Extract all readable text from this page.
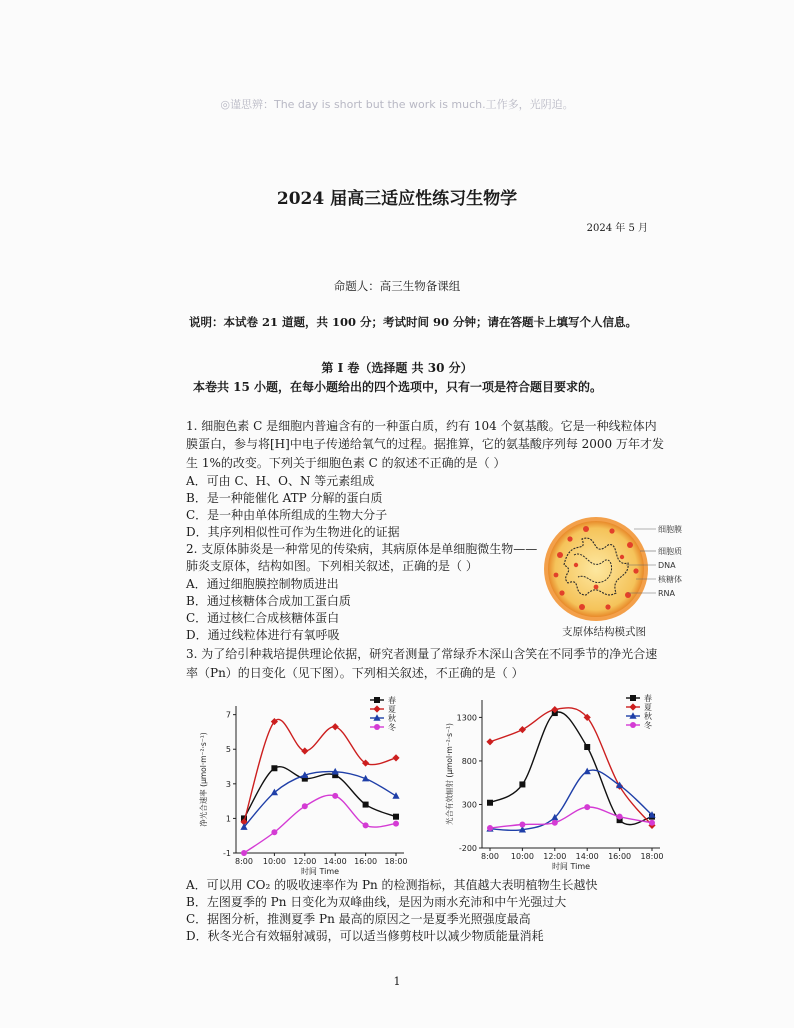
◎谨思辨：The day is short but the work is much.工作多，光阴迫。
2024 届高三适应性练习生物学
2024 年 5 月
命题人：高三生物备课组
说明：本试卷 21 道题，共 100 分；考试时间 90 分钟；请在答题卡上填写个人信息。
第 I 卷（选择题 共 30 分）
本卷共 15 小题，在每小题给出的四个选项中，只有一项是符合题目要求的。
1. 细胞色素 C 是细胞内普遍含有的一种蛋白质，约有 104 个氨基酸。它是一种线粒体内
膜蛋白，参与将[H]中电子传递给氧气的过程。据推算，它的氨基酸序列每 2000 万年才发
生 1%的改变。下列关于细胞色素 C 的叙述不正确的是（ ）
A．可由 C、H、O、N 等元素组成
B．是一种能催化 ATP 分解的蛋白质
C．是一种由单体所组成的生物大分子
D．其序列相似性可作为生物进化的证据
2. 支原体肺炎是一种常见的传染病，其病原体是单细胞微生物——
肺炎支原体，结构如图。下列相关叙述，正确的是（ ）
A．通过细胞膜控制物质进出
B．通过核糖体合成加工蛋白质
C．通过核仁合成核糖体蛋白
D．通过线粒体进行有氧呼吸
细胞膜
细胞质
DNA
核糖体
RNA
支原体结构模式图
3. 为了给引种栽培提供理论依据，研究者测量了常绿乔木深山含笑在不同季节的净光合速
率（Pn）的日变化（见下图）。下列相关叙述，不正确的是（ ）
-1
1
3
5
7
8:00 10:00 12:00 14:00 16:00 18:00
时间 Time
净光合速率 (μmol·m⁻²·s⁻¹)
春
夏
秋
冬
-200
300
800
1300
8:00 10:00 12:00 14:00 16:00 18:00
时间 Time
光合有效辐射 (μmol·m⁻²·s⁻¹)
春
夏
秋
冬
A．可以用 CO₂ 的吸收速率作为 Pn 的检测指标，其值越大表明植物生长越快
B．左图夏季的 Pn 日变化为双峰曲线，是因为雨水充沛和中午光强过大
C．据图分析，推测夏季 Pn 最高的原因之一是夏季光照强度最高
D．秋冬光合有效辐射减弱，可以适当修剪枝叶以减少物质能量消耗
1
